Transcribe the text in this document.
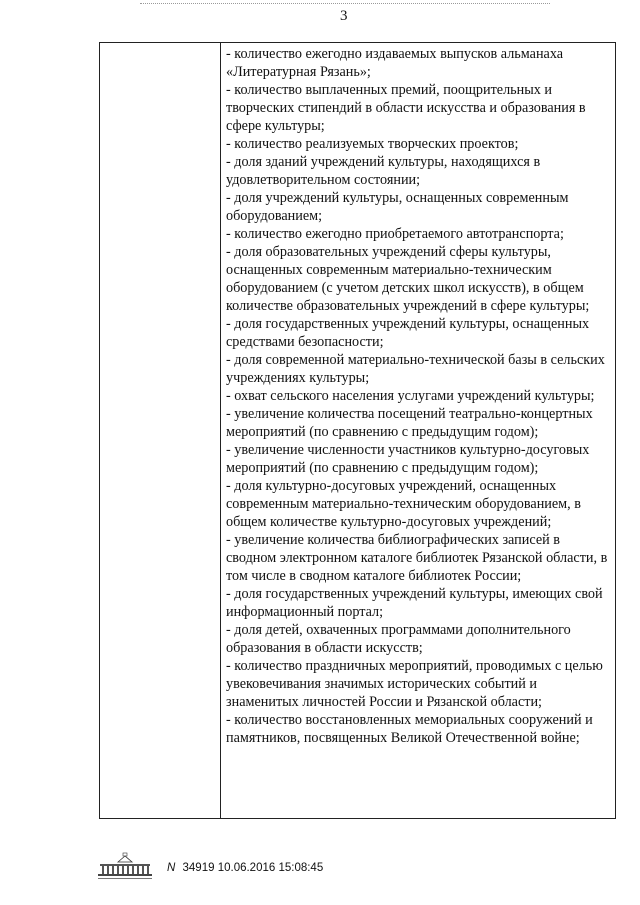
3
- количество ежегодно издаваемых выпусков альманаха «Литературная Рязань»;
- количество выплаченных премий, поощрительных и творческих стипендий в области искусства и образования в сфере культуры;
- количество реализуемых творческих проектов;
- доля зданий учреждений культуры, находящихся в удовлетворительном состоянии;
- доля учреждений культуры, оснащенных современным оборудованием;
- количество ежегодно приобретаемого автотранспорта;
- доля образовательных учреждений сферы культуры, оснащенных современным материально-техническим оборудованием (с учетом детских школ искусств), в общем количестве образовательных учреждений в сфере культуры;
- доля государственных учреждений культуры, оснащенных средствами безопасности;
- доля современной материально-технической базы в сельских учреждениях культуры;
- охват сельского населения услугами учреждений культуры;
- увеличение количества посещений театрально-концертных мероприятий (по сравнению с предыдущим годом);
- увеличение численности участников культурно-досуговых мероприятий (по сравнению с предыдущим годом);
- доля культурно-досуговых учреждений, оснащенных современным материально-техническим оборудованием, в общем количестве культурно-досуговых учреждений;
- увеличение количества библиографических записей в сводном электронном каталоге библиотек Рязанской области, в том числе в сводном каталоге библиотек России;
- доля государственных учреждений культуры, имеющих свой информационный портал;
- доля детей, охваченных программами дополнительного образования в области искусств;
- количество праздничных мероприятий, проводимых с целью увековечивания значимых исторических событий и знаменитых личностей России и Рязанской области;
- количество восстановленных мемориальных сооружений и памятников, посвященных Великой Отечественной войне;
N 34919 10.06.2016 15:08:45
